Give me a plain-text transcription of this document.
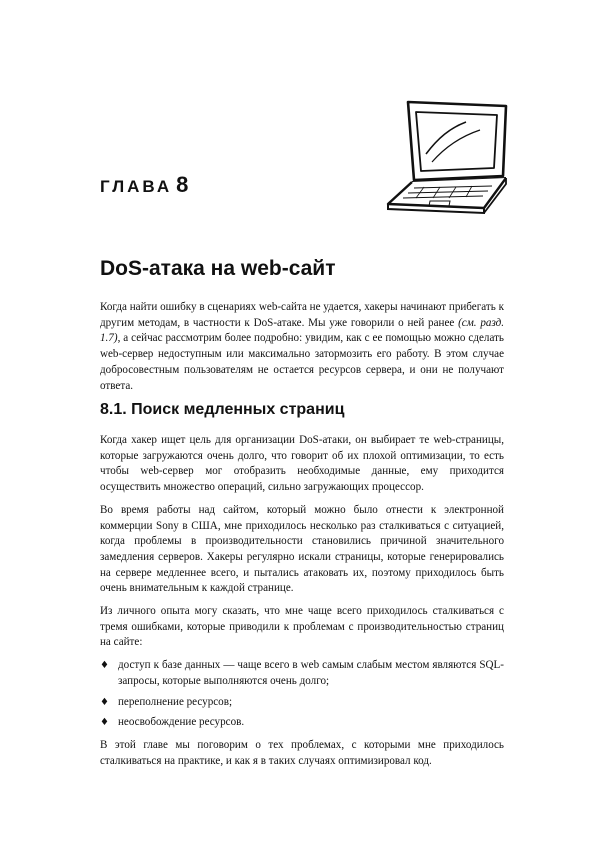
ГЛАВА 8
DoS-атака на web-сайт

Когда найти ошибку в сценариях web-сайта не удается, хакеры начинают прибегать к другим методам, в частности к DoS-атаке. Мы уже говорили о ней ранее (см. разд. 1.7), а сейчас рассмотрим более подробно: увидим, как с ее помощью можно сделать web-сервер недоступным или максимально затормозить его работу. В этом случае добросовестным пользователям не остается ресурсов сервера, и они не получают ответа.

8.1. Поиск медленных страниц

Когда хакер ищет цель для организации DoS-атаки, он выбирает те web-страницы, которые загружаются очень долго, что говорит об их плохой оптимизации, то есть чтобы web-сервер мог отобразить необходимые данные, ему приходится осуществить множество операций, сильно загружающих процессор.

Во время работы над сайтом, который можно было отнести к электронной коммерции Sony в США, мне приходилось несколько раз сталкиваться с ситуацией, когда проблемы в производительности становились причиной значительного замедления серверов. Хакеры регулярно искали страницы, которые генерировались на сервере медленнее всего, и пытались атаковать их, поэтому приходилось быть очень внимательным к каждой странице.

Из личного опыта могу сказать, что мне чаще всего приходилось сталкиваться с тремя ошибками, которые приводили к проблемам с производительностью страниц на сайте:

♦ доступ к базе данных — чаще всего в web самым слабым местом являются SQL-запросы, которые выполняются очень долго;
♦ переполнение ресурсов;
♦ неосвобождение ресурсов.

В этой главе мы поговорим о тех проблемах, с которыми мне приходилось сталкиваться на практике, и как я в таких случаях оптимизировал код.
